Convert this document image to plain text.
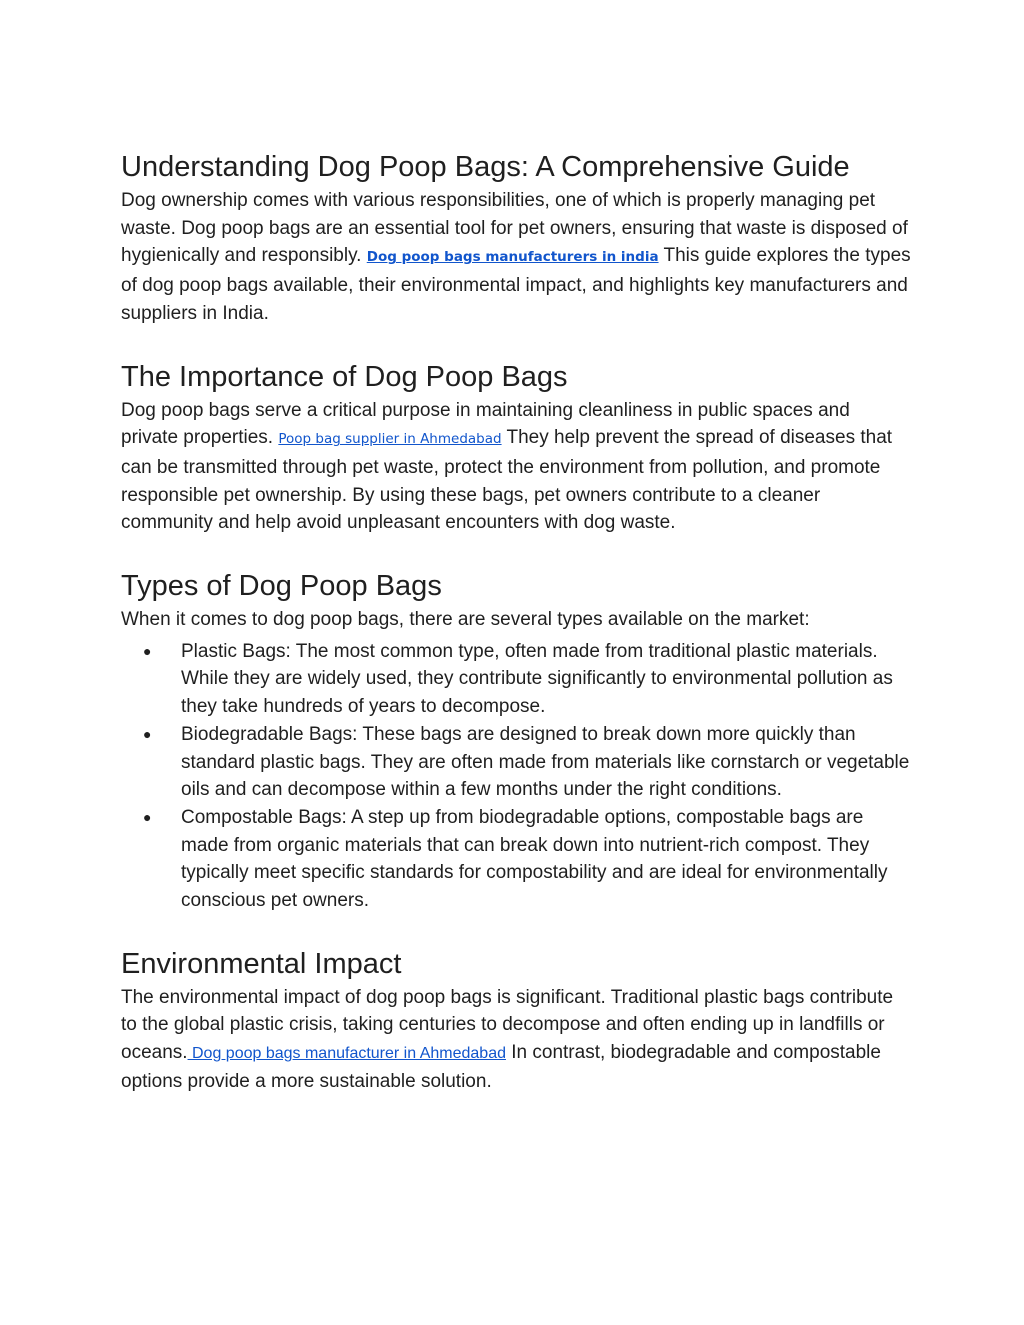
Understanding Dog Poop Bags: A Comprehensive Guide

Dog ownership comes with various responsibilities, one of which is properly managing pet waste. Dog poop bags are an essential tool for pet owners, ensuring that waste is disposed of hygienically and responsibly. Dog poop bags manufacturers in india This guide explores the types of dog poop bags available, their environmental impact, and highlights key manufacturers and suppliers in India.

The Importance of Dog Poop Bags

Dog poop bags serve a critical purpose in maintaining cleanliness in public spaces and private properties. Poop bag supplier in Ahmedabad They help prevent the spread of diseases that can be transmitted through pet waste, protect the environment from pollution, and promote responsible pet ownership. By using these bags, pet owners contribute to a cleaner community and help avoid unpleasant encounters with dog waste.

Types of Dog Poop Bags

When it comes to dog poop bags, there are several types available on the market:

● Plastic Bags: The most common type, often made from traditional plastic materials. While they are widely used, they contribute significantly to environmental pollution as they take hundreds of years to decompose.
● Biodegradable Bags: These bags are designed to break down more quickly than standard plastic bags. They are often made from materials like cornstarch or vegetable oils and can decompose within a few months under the right conditions.
● Compostable Bags: A step up from biodegradable options, compostable bags are made from organic materials that can break down into nutrient-rich compost. They typically meet specific standards for compostability and are ideal for environmentally conscious pet owners.
Environmental Impact

The environmental impact of dog poop bags is significant. Traditional plastic bags contribute to the global plastic crisis, taking centuries to decompose and often ending up in landfills or oceans. Dog poop bags manufacturer in Ahmedabad In contrast, biodegradable and compostable options provide a more sustainable solution.
